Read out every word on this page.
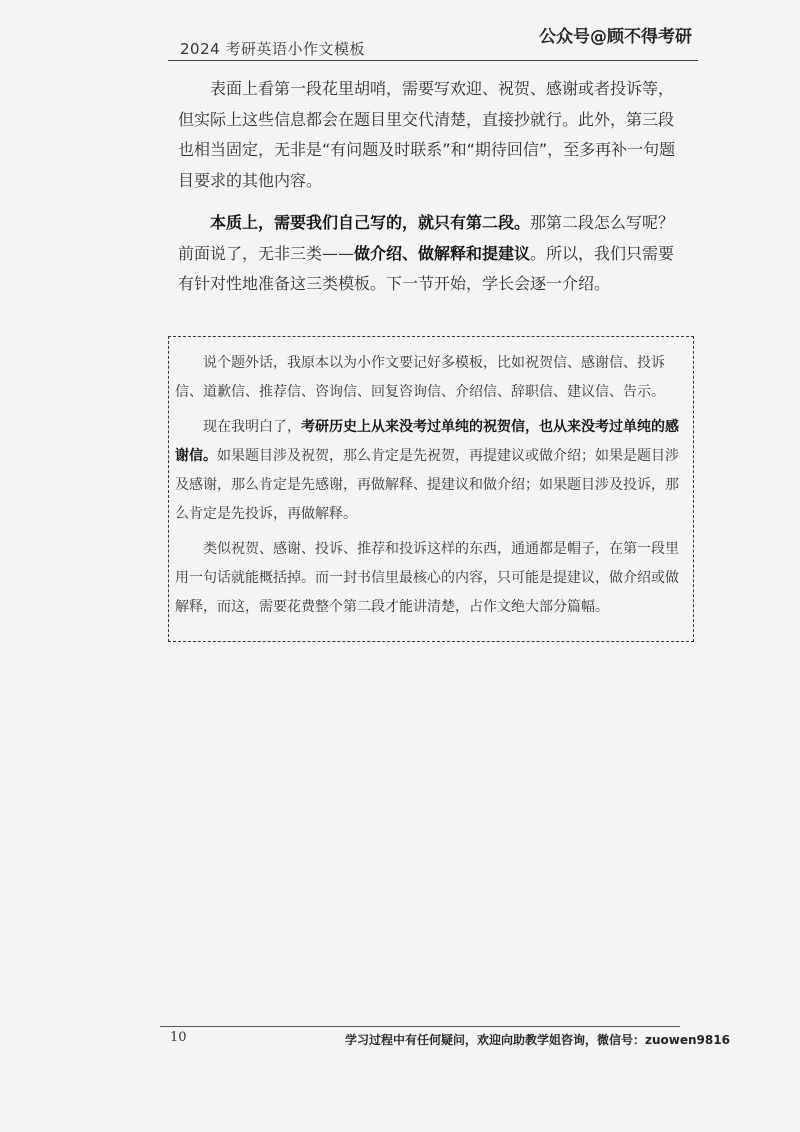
2024 考研英语小作文模板
公众号@顾不得考研

表面上看第一段花里胡哨，需要写欢迎、祝贺、感谢或者投诉等，但实际上这些信息都会在题目里交代清楚，直接抄就行。此外，第三段也相当固定，无非是“有问题及时联系”和“期待回信”，至多再补一句题目要求的其他内容。

本质上，需要我们自己写的，就只有第二段。那第二段怎么写呢？前面说了，无非三类——做介绍、做解释和提建议。所以，我们只需要有针对性地准备这三类模板。下一节开始，学长会逐一介绍。

说个题外话，我原本以为小作文要记好多模板，比如祝贺信、感谢信、投诉信、道歉信、推荐信、咨询信、回复咨询信、介绍信、辞职信、建议信、告示。

现在我明白了，考研历史上从来没考过单纯的祝贺信，也从来没考过单纯的感谢信。如果题目涉及祝贺，那么肯定是先祝贺，再提建议或做介绍；如果是题目涉及感谢，那么肯定是先感谢，再做解释、提建议和做介绍；如果题目涉及投诉，那么肯定是先投诉，再做解释。

类似祝贺、感谢、投诉、推荐和投诉这样的东西，通通都是帽子，在第一段里用一句话就能概括掉。而一封书信里最核心的内容，只可能是提建议，做介绍或做解释，而这，需要花费整个第二段才能讲清楚，占作文绝大部分篇幅。

10	学习过程中有任何疑问，欢迎向助教学姐咨询，微信号：zuowen9816
